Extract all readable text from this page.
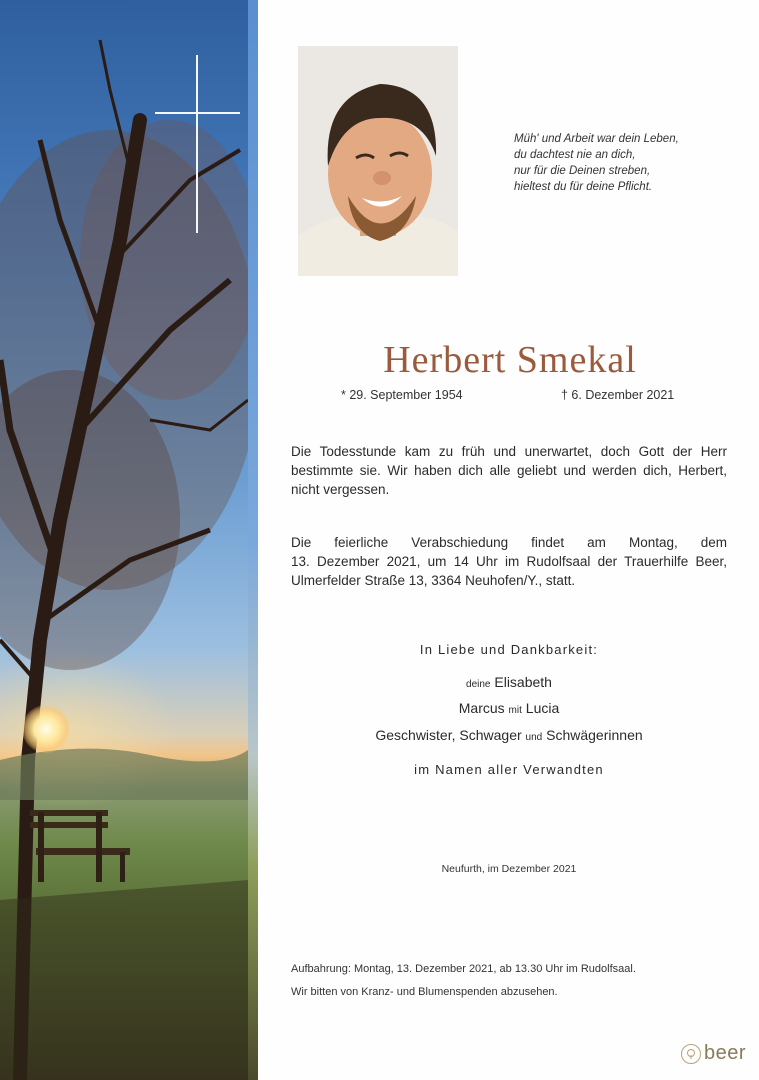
Müh' und Arbeit war dein Leben,
du dachtest nie an dich,
nur für die Deinen streben,
hieltest du für deine Pflicht.
Herbert Smekal
* 29. September 1954	† 6. Dezember 2021
Die Todesstunde kam zu früh und unerwartet, doch Gott der Herr
bestimmte sie. Wir haben dich alle geliebt und werden dich, Herbert,
nicht vergessen.
Die feierliche Verabschiedung findet am Montag, dem
13. Dezember 2021, um 14 Uhr im Rudolfsaal der Trauerhilfe Beer,
Ulmerfelder Straße 13, 3364 Neuhofen/Y., statt.
In Liebe und Dankbarkeit:
deine Elisabeth
Marcus mit Lucia
Geschwister, Schwager und Schwägerinnen
im Namen aller Verwandten
Neufurth, im Dezember 2021
Aufbahrung: Montag, 13. Dezember 2021, ab 13.30 Uhr im Rudolfsaal.
Wir bitten von Kranz- und Blumenspenden abzusehen.
beer
